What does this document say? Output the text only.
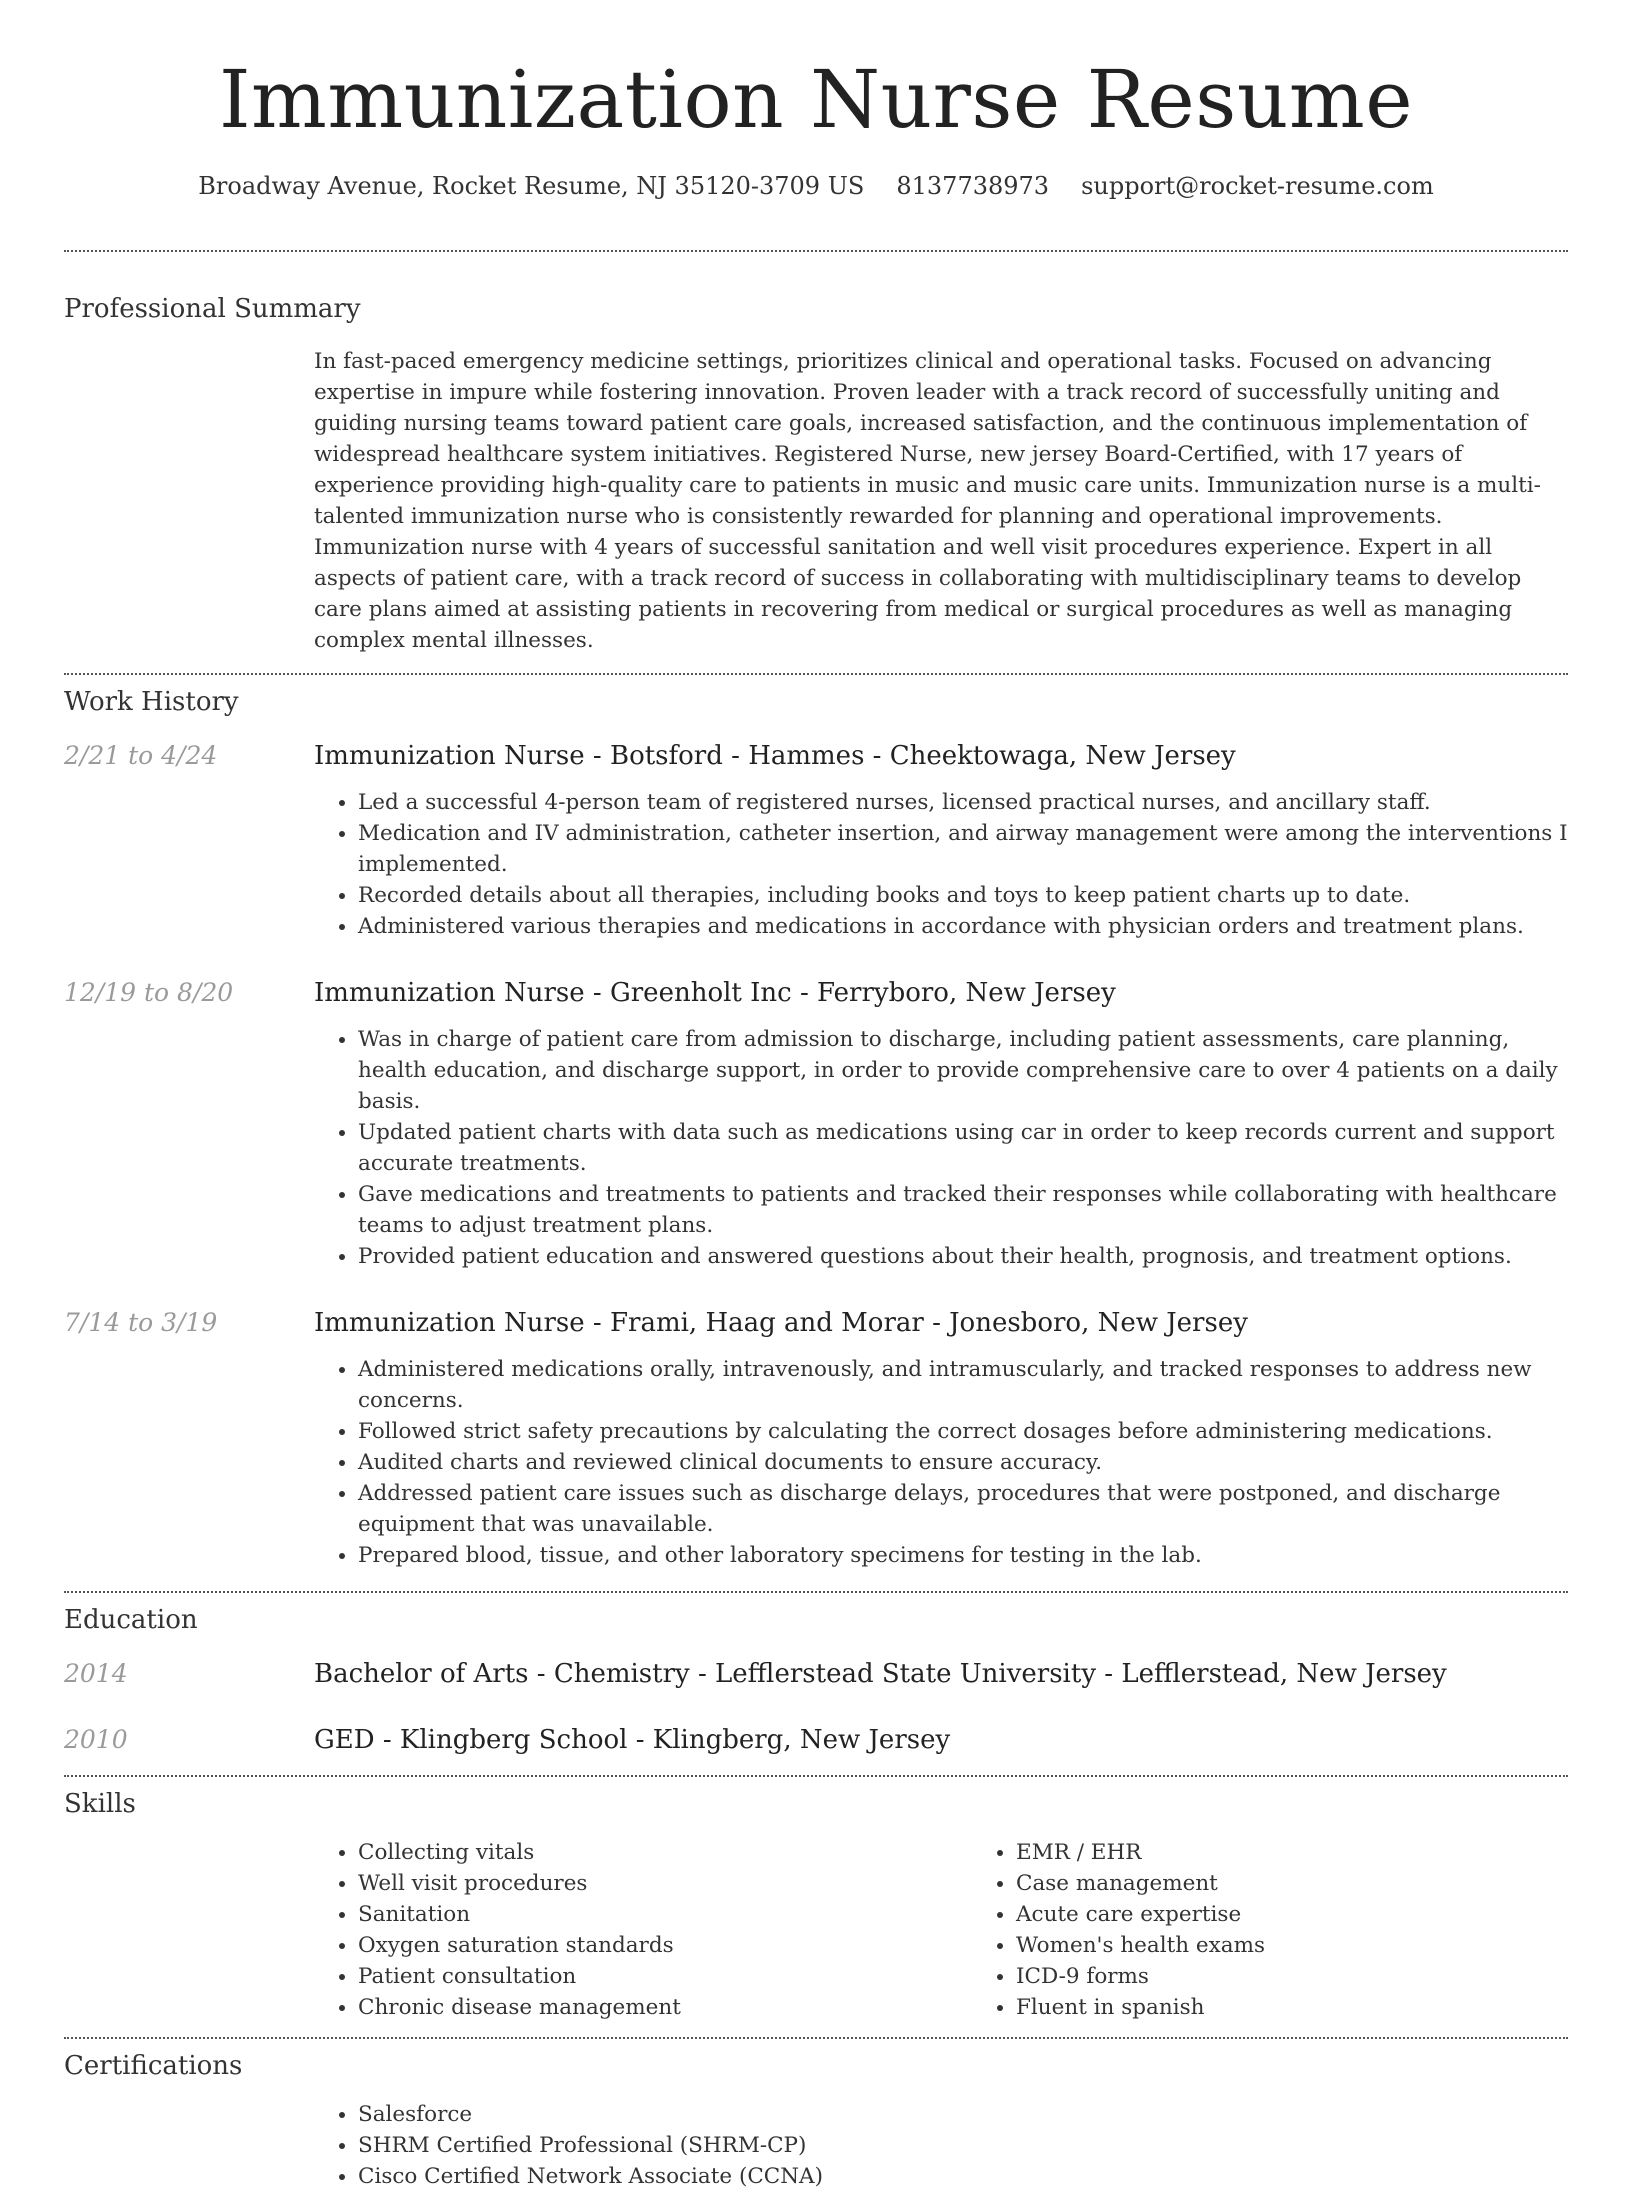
Immunization Nurse Resume
Broadway Avenue, Rocket Resume, NJ 35120-3709 US 8137738973 support@rocket-resume.com
Professional Summary

In fast-paced emergency medicine settings, prioritizes clinical and operational tasks. Focused on advancing expertise in impure while fostering innovation. Proven leader with a track record of successfully uniting and guiding nursing teams toward patient care goals, increased satisfaction, and the continuous implementation of widespread healthcare system initiatives. Registered Nurse, new jersey Board-Certified, with 17 years of experience providing high-quality care to patients in music and music care units. Immunization nurse is a multi-talented immunization nurse who is consistently rewarded for planning and operational improvements. Immunization nurse with 4 years of successful sanitation and well visit procedures experience. Expert in all aspects of patient care, with a track record of success in collaborating with multidisciplinary teams to develop care plans aimed at assisting patients in recovering from medical or surgical procedures as well as managing complex mental illnesses.

Work History
2/21 to 4/24	Immunization Nurse - Botsford - Hammes - Cheektowaga, New Jersey
• Led a successful 4-person team of registered nurses, licensed practical nurses, and ancillary staff.
• Medication and IV administration, catheter insertion, and airway management were among the interventions I implemented.
• Recorded details about all therapies, including books and toys to keep patient charts up to date.
• Administered various therapies and medications in accordance with physician orders and treatment plans.
12/19 to 8/20	Immunization Nurse - Greenholt Inc - Ferryboro, New Jersey
• Was in charge of patient care from admission to discharge, including patient assessments, care planning, health education, and discharge support, in order to provide comprehensive care to over 4 patients on a daily basis.
• Updated patient charts with data such as medications using car in order to keep records current and support accurate treatments.
• Gave medications and treatments to patients and tracked their responses while collaborating with healthcare teams to adjust treatment plans.
• Provided patient education and answered questions about their health, prognosis, and treatment options.
7/14 to 3/19	Immunization Nurse - Frami, Haag and Morar - Jonesboro, New Jersey
• Administered medications orally, intravenously, and intramuscularly, and tracked responses to address new concerns.
• Followed strict safety precautions by calculating the correct dosages before administering medications.
• Audited charts and reviewed clinical documents to ensure accuracy.
• Addressed patient care issues such as discharge delays, procedures that were postponed, and discharge equipment that was unavailable.
• Prepared blood, tissue, and other laboratory specimens for testing in the lab.
Education
2014	Bachelor of Arts - Chemistry - Lefflerstead State University - Lefflerstead, New Jersey
2010	GED - Klingberg School - Klingberg, New Jersey
Skills
• Collecting vitals
• Well visit procedures
• Sanitation
• Oxygen saturation standards
• Patient consultation
• Chronic disease management
• EMR / EHR
• Case management
• Acute care expertise
• Women's health exams
• ICD-9 forms
• Fluent in spanish
Certifications
• Salesforce
• SHRM Certified Professional (SHRM-CP)
• Cisco Certified Network Associate (CCNA)
